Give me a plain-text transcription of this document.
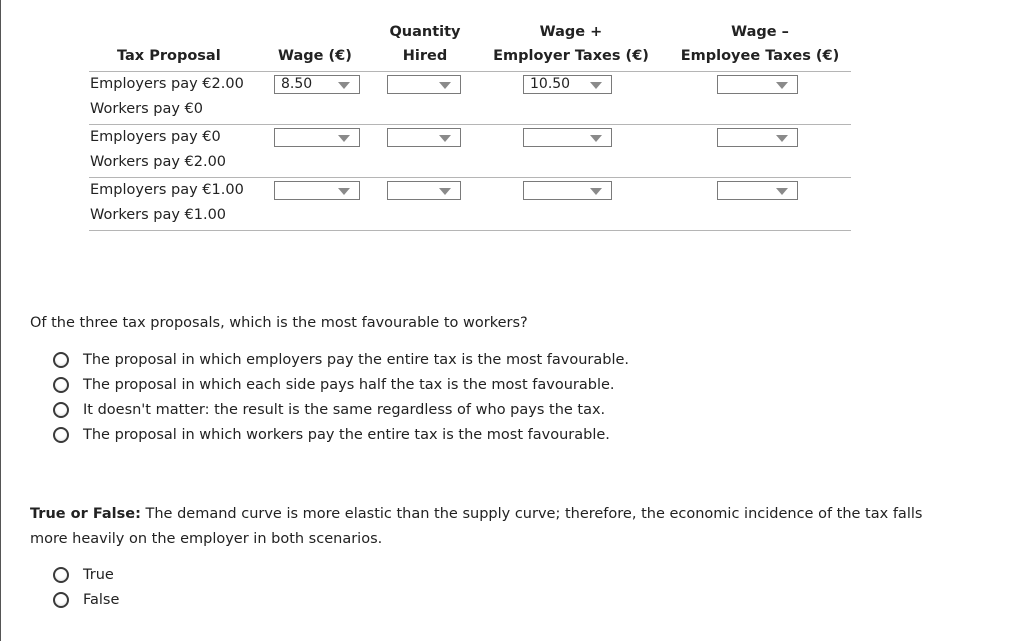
Tax Proposal	Wage (€)
Quantity
Hired
Wage +
Employer Taxes (€)
Wage –
Employee Taxes (€)
Employers pay €2.00
Workers pay €0
8.50	10.50
Employers pay €0
Workers pay €2.00
Employers pay €1.00
Workers pay €1.00
Of the three tax proposals, which is the most favourable to workers?
The proposal in which employers pay the entire tax is the most favourable.
The proposal in which each side pays half the tax is the most favourable.
It doesn't matter: the result is the same regardless of who pays the tax.
The proposal in which workers pay the entire tax is the most favourable.
True or False: The demand curve is more elastic than the supply curve; therefore, the economic incidence of the tax falls more heavily on the employer in both scenarios.
True
False
